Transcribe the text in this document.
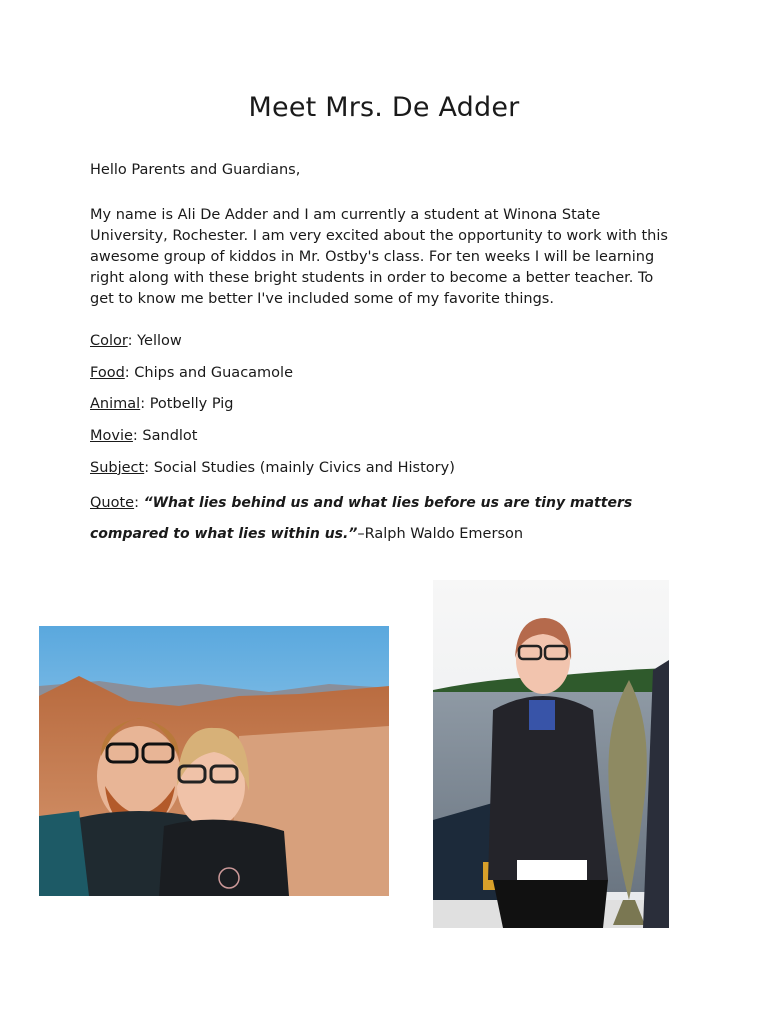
Meet Mrs. De Adder

Hello Parents and Guardians,

My name is Ali De Adder and I am currently a student at Winona State University, Rochester. I am very excited about the opportunity to work with this awesome group of kiddos in Mr. Ostby's class. For ten weeks I will be learning right along with these bright students in order to become a better teacher. To get to know me better I've included some of my favorite things.

Color: Yellow
Food: Chips and Guacamole
Animal: Potbelly Pig
Movie: Sandlot
Subject: Social Studies (mainly Civics and History)
Quote: “What lies behind us and what lies before us are tiny matters compared to what lies within us.”–Ralph Waldo Emerson
